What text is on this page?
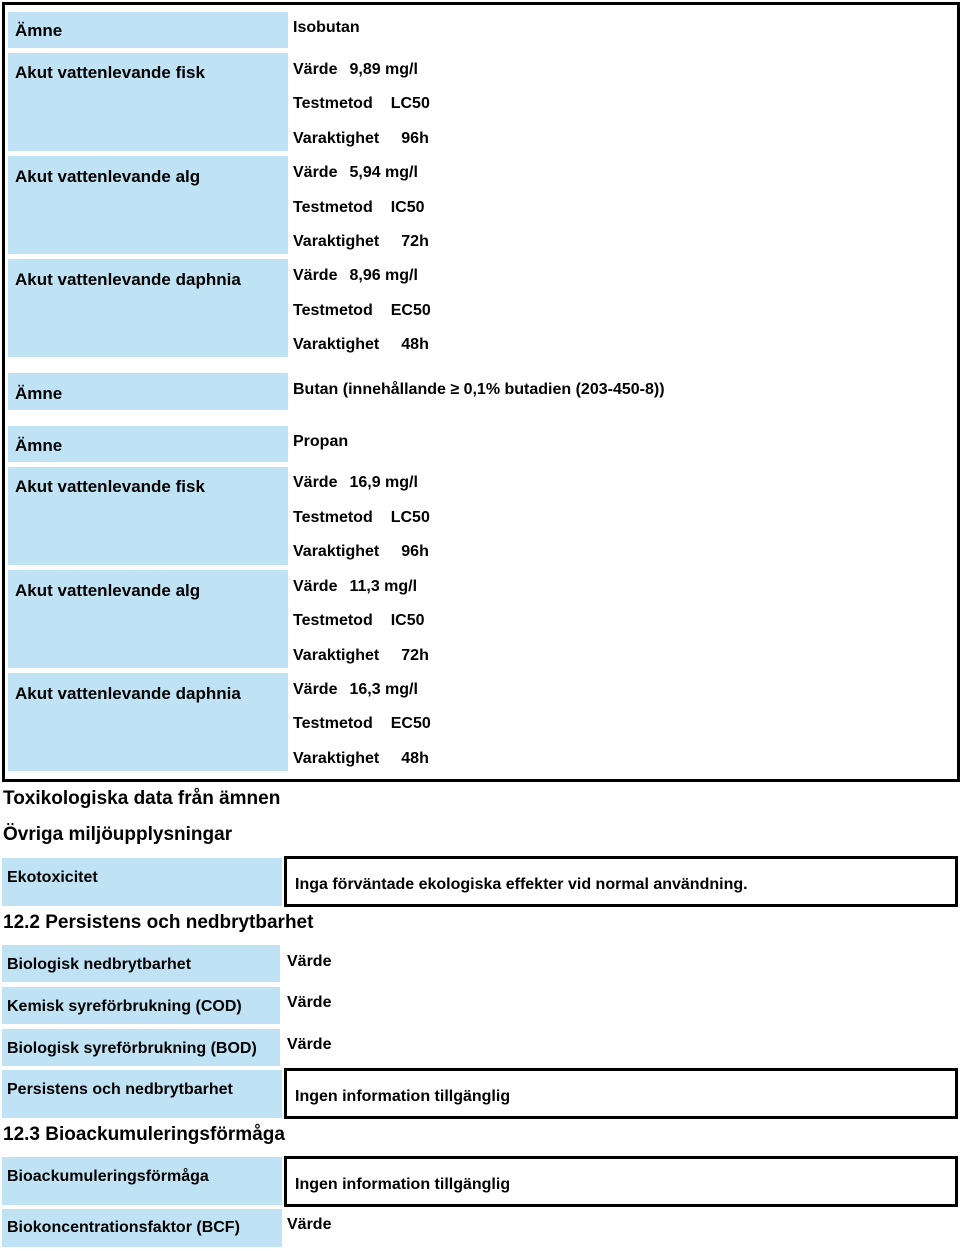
Ämne	Isobutan
Akut vattenlevande fisk	Värde 9,89 mg/l
Testmetod LC50
Varaktighet 96h
Akut vattenlevande alg	Värde 5,94 mg/l
Testmetod IC50
Varaktighet 72h
Akut vattenlevande daphnia	Värde 8,96 mg/l
Testmetod EC50
Varaktighet 48h
Ämne	Butan (innehållande ≥ 0,1% butadien (203-450-8))
Ämne	Propan
Akut vattenlevande fisk	Värde 16,9 mg/l
Testmetod LC50
Varaktighet 96h
Akut vattenlevande alg	Värde 11,3 mg/l
Testmetod IC50
Varaktighet 72h
Akut vattenlevande daphnia	Värde 16,3 mg/l
Testmetod EC50
Varaktighet 48h
Toxikologiska data från ämnen
Övriga miljöupplysningar
Ekotoxicitet	Inga förväntade ekologiska effekter vid normal användning.
12.2 Persistens och nedbrytbarhet
Biologisk nedbrytbarhet	Värde
Kemisk syreförbrukning (COD)	Värde
Biologisk syreförbrukning (BOD) Värde
Persistens och nedbrytbarhet	Ingen information tillgänglig
12.3 Bioackumuleringsförmåga
Bioackumuleringsförmåga	Ingen information tillgänglig
Biokoncentrationsfaktor (BCF)	Värde
